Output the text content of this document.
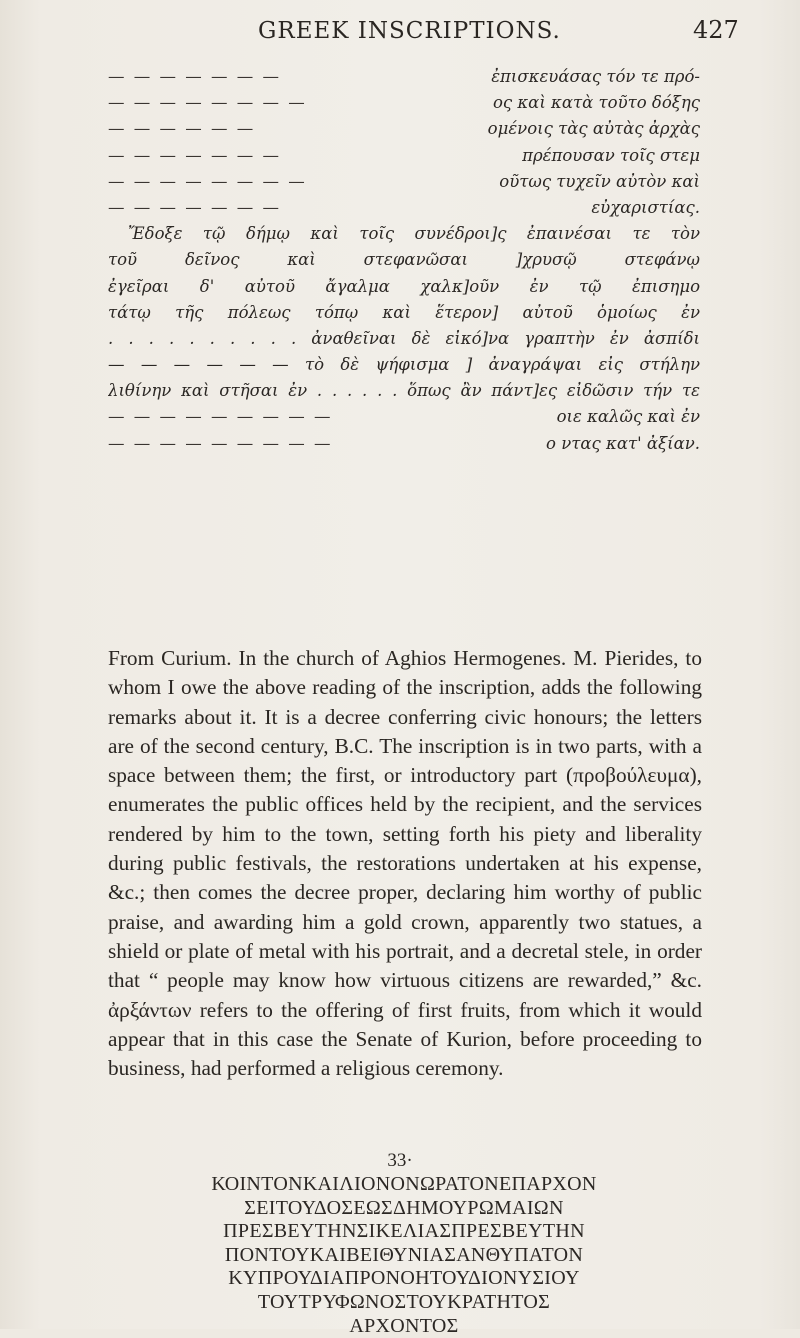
GREEK INSCRIPTIONS.	427
— — — — — — —	ἐπισκευάσας τόν τε πρό-
— — — — — — — —	ος καὶ κατὰ τοῦτο δόξης
— — — — — —	ομένοις τὰς αὐτὰς ἀρχὰς
— — — — — — —	πρέπουσαν τοῖς στεμ
— — — — — — — —	οῦτως τυχεῖν αὐτὸν καὶ
— — — — — — —	εὐχαριστίας.
Ἔδοξε τῷ δήμῳ καὶ τοῖς συνέδροι]ς ἐπαινέσαι τε τὸν
τοῦ δεῖνος καὶ στεφανῶσαι ]χρυσῷ στεφάνῳ
ἐγεῖραι δ' αὐτοῦ ἄγαλμα χαλκ]οῦν ἐν τῷ ἐπισημο
τάτῳ τῆς πόλεως τόπῳ καὶ ἕτερον] αὐτοῦ ὁμοίως ἐν
. . . . . . . . . . ἀναθεῖναι δὲ εἰκό]να γραπτὴν ἐν ἀσπίδι
— — — — — — τὸ δὲ ψήφισμα ] ἀναγράψαι εἰς στήλην
λιθίνην καὶ στῆσαι ἐν . . . . . . ὅπως ἂν πάντ]ες εἰδῶσιν τήν τε
— — — — — — — — —	οιε καλῶς καὶ ἐν
— — — — — — — — —	ο ντας κατ' ἀξίαν.

From Curium. In the church of Aghios Hermogenes. M. Pierides, to whom I owe the above reading of the inscription, adds the following remarks about it. It is a decree conferring civic honours; the letters are of the second century, B.C. The inscription is in two parts, with a space between them; the first, or introductory part (προβούλευμα), enumerates the public offices held by the recipient, and the services rendered by him to the town, setting forth his piety and liberality during public festivals, the restorations undertaken at his expense, &c.; then comes the decree proper, declaring him worthy of public praise, and awarding him a gold crown, apparently two statues, a shield or plate of metal with his portrait, and a decretal stele, in order that “ people may know how virtuous citizens are rewarded,” &c. ἀρξάντων refers to the offering of first fruits, from which it would appear that in this case the Senate of Kurion, before proceeding to business, had performed a religious ceremony.

33·
ΚΟΙΝΤΟΝΚΑΙΛΙΟΝΟΝΩΡΑΤΟΝΕΠΑΡΧΟΝ
ΣΕΙΤΟΥΔΟΣΕΩΣΔΗΜΟΥΡΩΜΑΙΩΝ
ΠΡΕΣΒΕΥΤΗΝΣΙΚΕΛΙΑΣΠΡΕΣΒΕΥΤΗΝ
ΠΟΝΤΟΥΚΑΙΒΕΙΘΥΝΙΑΣΑΝΘΥΠΑΤΟΝ
ΚΥΠΡΟΥΔΙΑΠΡΟΝΟΗΤΟΥΔΙΟΝΥΣΙΟΥ
ΤΟΥΤΡΥΦΩΝΟΣΤΟΥΚΡΑΤΗΤΟΣ
ΑΡΧΟΝΤΟΣ
